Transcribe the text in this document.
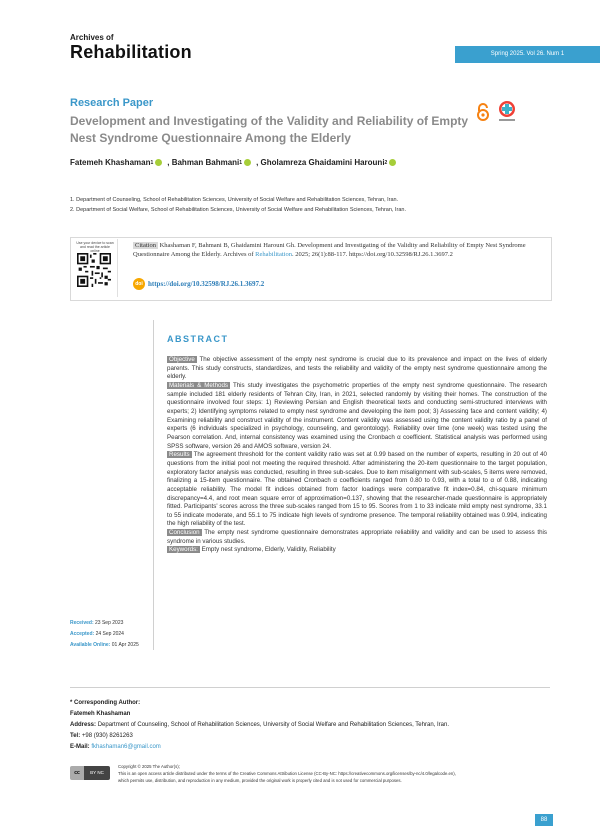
Archives of
Rehabilitation	Spring 2025. Vol 26. Num 1
Research Paper
Development and Investigating of the Validity and Reliability of Empty Nest Syndrome Questionnaire Among the Elderly
Fatemeh Khashaman 1 , Bahman Bahmani 1 , Gholamreza Ghaidamini Harouni 2
1. Department of Counseling, School of Rehabilitation Sciences, University of Social Welfare and Rehabilitation Sciences, Tehran, Iran.
2. Department of Social Welfare, School of Rehabilitation Sciences, University of Social Welfare and Rehabilitation Sciences, Tehran, Iran.
Use your device to scan and read the article online
Citation Khashaman F, Bahmani B, Ghaidamini Harouni Gh. Development and Investigating of the Validity and Reliability of Empty Nest Syndrome Questionnaire Among the Elderly. Archives of Rehabilitation. 2025; 26(1):88-117. https://doi.org/10.32598/RJ.26.1.3697.2
doi https://doi.org/10.32598/RJ.26.1.3697.2
ABSTRACT
Objective The objective assessment of the empty nest syndrome is crucial due to its prevalence and impact on the lives of elderly parents. This study constructs, standardizes, and tests the reliability and validity of the empty nest syndrome questionnaire among the elderly.
Materials & Methods This study investigates the psychometric properties of the empty nest syndrome questionnaire. The research sample included 181 elderly residents of Tehran City, Iran, in 2021, selected randomly by visiting their homes. The construction of the questionnaire involved four steps: 1) Reviewing Persian and English theoretical texts and conducting semi-structured interviews with experts; 2) Identifying symptoms related to empty nest syndrome and developing the item pool; 3) Assessing face and content validity; 4) Examining reliability and construct validity of the instrument. Content validity was assessed using the content validity ratio by a panel of experts (6 individuals specialized in psychology, counseling, and gerontology). Reliability over time (one week) was tested using the Pearson correlation. And, internal consistency was examined using the Cronbach α coefficient. Statistical analysis was performed using SPSS software, version 26 and AMOS software, version 24.
Results The agreement threshold for the content validity ratio was set at 0.99 based on the number of experts, resulting in 20 out of 40 questions from the initial pool not meeting the required threshold. After administering the 20-item questionnaire to the target population, exploratory factor analysis was conducted, resulting in three sub-scales. Due to item misalignment with sub-scales, 5 items were removed, finalizing a 15-item questionnaire. The obtained Cronbach α coefficients ranged from 0.80 to 0.93, with a total to α of 0.88, indicating acceptable reliability. The model fit indices obtained from factor loadings were comparative fit index=0.84, chi-square minimum discrepancy=4.4, and root mean square error of approximation=0.137, showing that the researcher-made questionnaire is appropriately fitted. Participants' scores across the three sub-scales ranged from 15 to 95. Scores from 1 to 33 indicate mild empty nest syndrome, 33.1 to 55 indicate moderate, and 55.1 to 75 indicate high levels of syndrome presence. The temporal reliability obtained was 0.994, indicating the high reliability of the test.
Conclusion The empty nest syndrome questionnaire demonstrates appropriate reliability and validity and can be used to assess this syndrome in various studies.
Keywords: Empty nest syndrome, Elderly, Validity, Reliability
Received: 23 Sep 2023
Accepted: 24 Sep 2024
Available Online: 01 Apr 2025
* Corresponding Author:
Fatemeh Khashaman
Address: Department of Counseling, School of Rehabilitation Sciences, University of Social Welfare and Rehabilitation Sciences, Tehran, Iran.
Tel: +98 (930) 8261263
E-Mail: fkhashaman6@gmail.com
cc	BY NC
Copyright © 2025 The Author(s);
This is an open access article distributed under the terms of the Creative Commons Attribution License (CC-By-NC: https://creativecommons.org/licenses/by-nc/4.0/legalcode.en),
which permits use, distribution, and reproduction in any medium, provided the original work is properly cited and is not used for commercial purposes.
88
